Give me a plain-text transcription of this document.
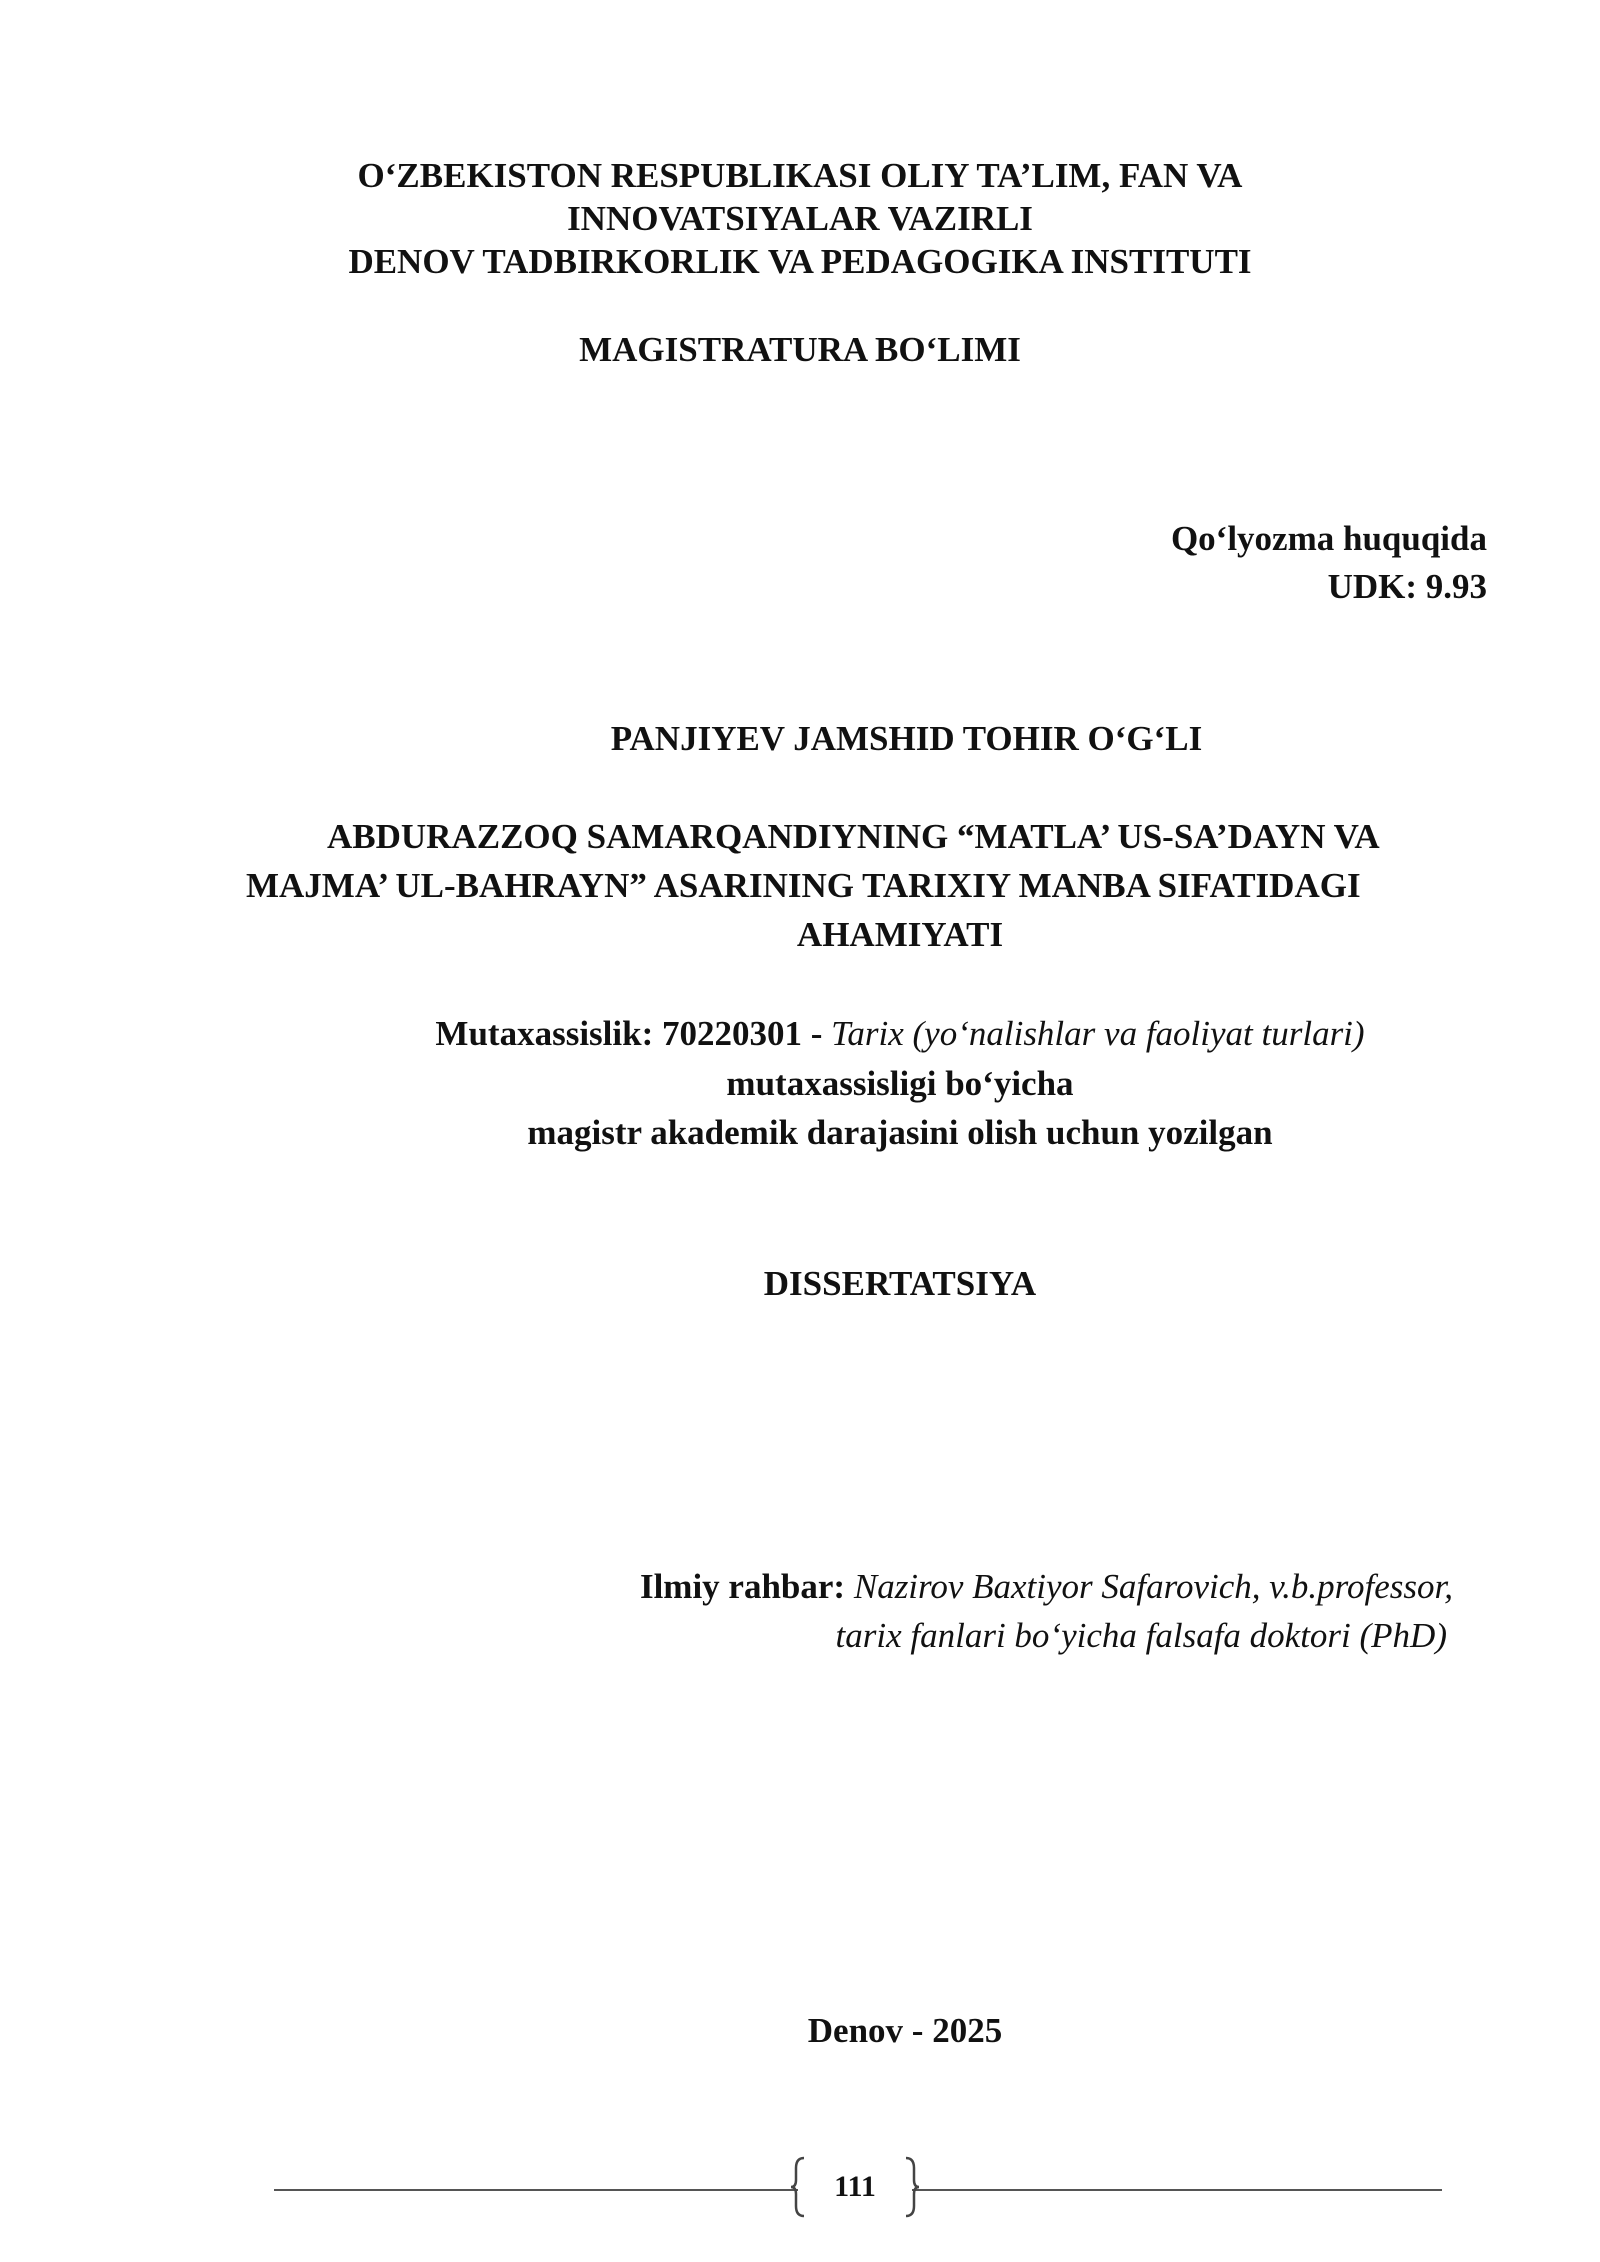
O‘ZBEKISTON RESPUBLIKASI OLIY TA’LIM, FAN VA
INNOVATSIYALAR VAZIRLI
DENOV TADBIRKORLIK VA PEDAGOGIKA INSTITUTI
MAGISTRATURA BO‘LIMI
Qo‘lyozma huquqida
UDK: 9.93
PANJIYEV JAMSHID TOHIR O‘G‘LI
ABDURAZZOQ SAMARQANDIYNING “MATLA’ US-SA’DAYN VA
MAJMA’ UL-BAHRAYN” ASARINING TARIXIY MANBA SIFATIDAGI
AHAMIYATI
Mutaxassislik: 70220301 - Tarix (yo‘nalishlar va faoliyat turlari)
mutaxassisligi bo‘yicha
magistr akademik darajasini olish uchun yozilgan
DISSERTATSIYA
Ilmiy rahbar: Nazirov Baxtiyor Safarovich, v.b.professor,
tarix fanlari bo‘yicha falsafa doktori (PhD)
Denov - 2025
111
